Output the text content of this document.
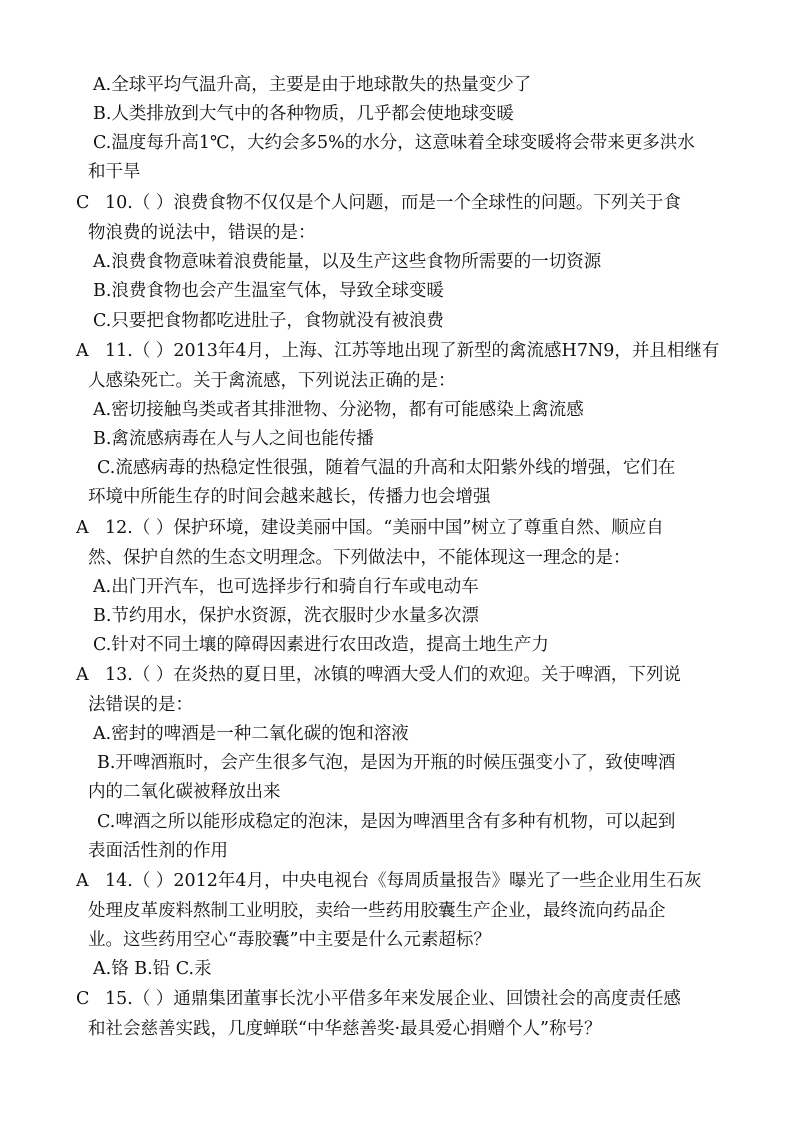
A.全球平均气温升高，主要是由于地球散失的热量变少了
B.人类排放到大气中的各种物质，几乎都会使地球变暖
C.温度每升高1℃，大约会多5%的水分，这意味着全球变暖将会带来更多洪水
和干旱
C 10.（ ）浪费食物不仅仅是个人问题，而是一个全球性的问题。下列关于食
物浪费的说法中，错误的是：
A.浪费食物意味着浪费能量，以及生产这些食物所需要的一切资源
B.浪费食物也会产生温室气体，导致全球变暖
C.只要把食物都吃进肚子，食物就没有被浪费
A 11.（ ）2013年4月，上海、江苏等地出现了新型的禽流感H7N9，并且相继有
人感染死亡。关于禽流感，下列说法正确的是：
A.密切接触鸟类或者其排泄物、分泌物，都有可能感染上禽流感
B.禽流感病毒在人与人之间也能传播
C.流感病毒的热稳定性很强，随着气温的升高和太阳紫外线的增强，它们在
环境中所能生存的时间会越来越长，传播力也会增强
A 12.（ ）保护环境，建设美丽中国。“美丽中国”树立了尊重自然、顺应自
然、保护自然的生态文明理念。下列做法中，不能体现这一理念的是：
A.出门开汽车，也可选择步行和骑自行车或电动车
B.节约用水，保护水资源，洗衣服时少水量多次漂
C.针对不同土壤的障碍因素进行农田改造，提高土地生产力
A 13.（ ）在炎热的夏日里，冰镇的啤酒大受人们的欢迎。关于啤酒，下列说
法错误的是：
A.密封的啤酒是一种二氧化碳的饱和溶液
B.开啤酒瓶时，会产生很多气泡，是因为开瓶的时候压强变小了，致使啤酒
内的二氧化碳被释放出来
C.啤酒之所以能形成稳定的泡沫，是因为啤酒里含有多种有机物，可以起到
表面活性剂的作用
A 14.（ ）2012年4月，中央电视台《每周质量报告》曝光了一些企业用生石灰
处理皮革废料熬制工业明胶，卖给一些药用胶囊生产企业，最终流向药品企
业。这些药用空心“毒胶囊”中主要是什么元素超标？
A.铬 B.铅 C.汞
C 15.（ ）通鼎集团董事长沈小平借多年来发展企业、回馈社会的高度责任感
和社会慈善实践，几度蝉联“中华慈善奖·最具爱心捐赠个人”称号？
